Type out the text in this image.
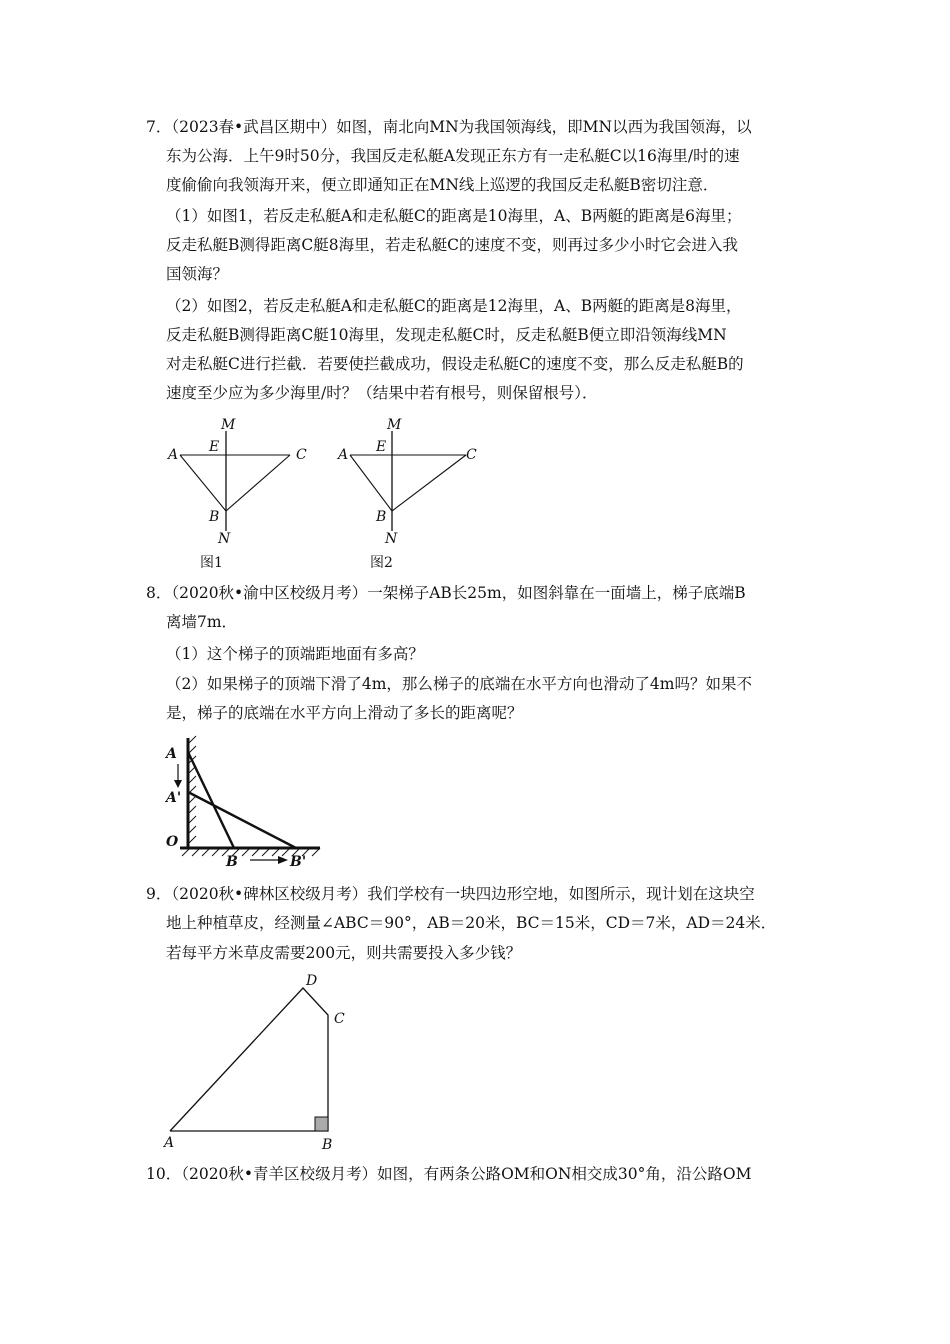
7．（2023春•武昌区期中）如图，南北向MN为我国领海线，即MN以西为我国领海，以
东为公海．上午9时50分，我国反走私艇A发现正东方有一走私艇C以16海里/时的速
度偷偷向我领海开来，便立即通知正在MN线上巡逻的我国反走私艇B密切注意．
（1）如图1，若反走私艇A和走私艇C的距离是10海里，A、B两艇的距离是6海里；
反走私艇B测得距离C艇8海里，若走私艇C的速度不变，则再过多少小时它会进入我
国领海？
（2）如图2，若反走私艇A和走私艇C的距离是12海里，A、B两艇的距离是8海里，
反走私艇B测得距离C艇10海里，发现走私艇C时，反走私艇B便立即沿领海线MN
对走私艇C进行拦截．若要使拦截成功，假设走私艇C的速度不变，那么反走私艇B的
速度至少应为多少海里/时？（结果中若有根号，则保留根号）．
M
E
A	C
B
N
图1
M
E
A	C
B
N
图2
8．（2020秋•渝中区校级月考）一架梯子AB长25m，如图斜靠在一面墙上，梯子底端B
离墙7m．
（1）这个梯子的顶端距地面有多高？
（2）如果梯子的顶端下滑了4m，那么梯子的底端在水平方向也滑动了4m吗？如果不
是，梯子的底端在水平方向上滑动了多长的距离呢？
A
A'
O
B	B'
9．（2020秋•碑林区校级月考）我们学校有一块四边形空地，如图所示，现计划在这块空
地上种植草皮，经测量∠ABC＝90°，AB＝20米，BC＝15米，CD＝7米，AD＝24米．
若每平方米草皮需要200元，则共需要投入多少钱？
D
C
A	B
10．（2020秋•青羊区校级月考）如图，有两条公路OM和ON相交成30°角，沿公路OM
